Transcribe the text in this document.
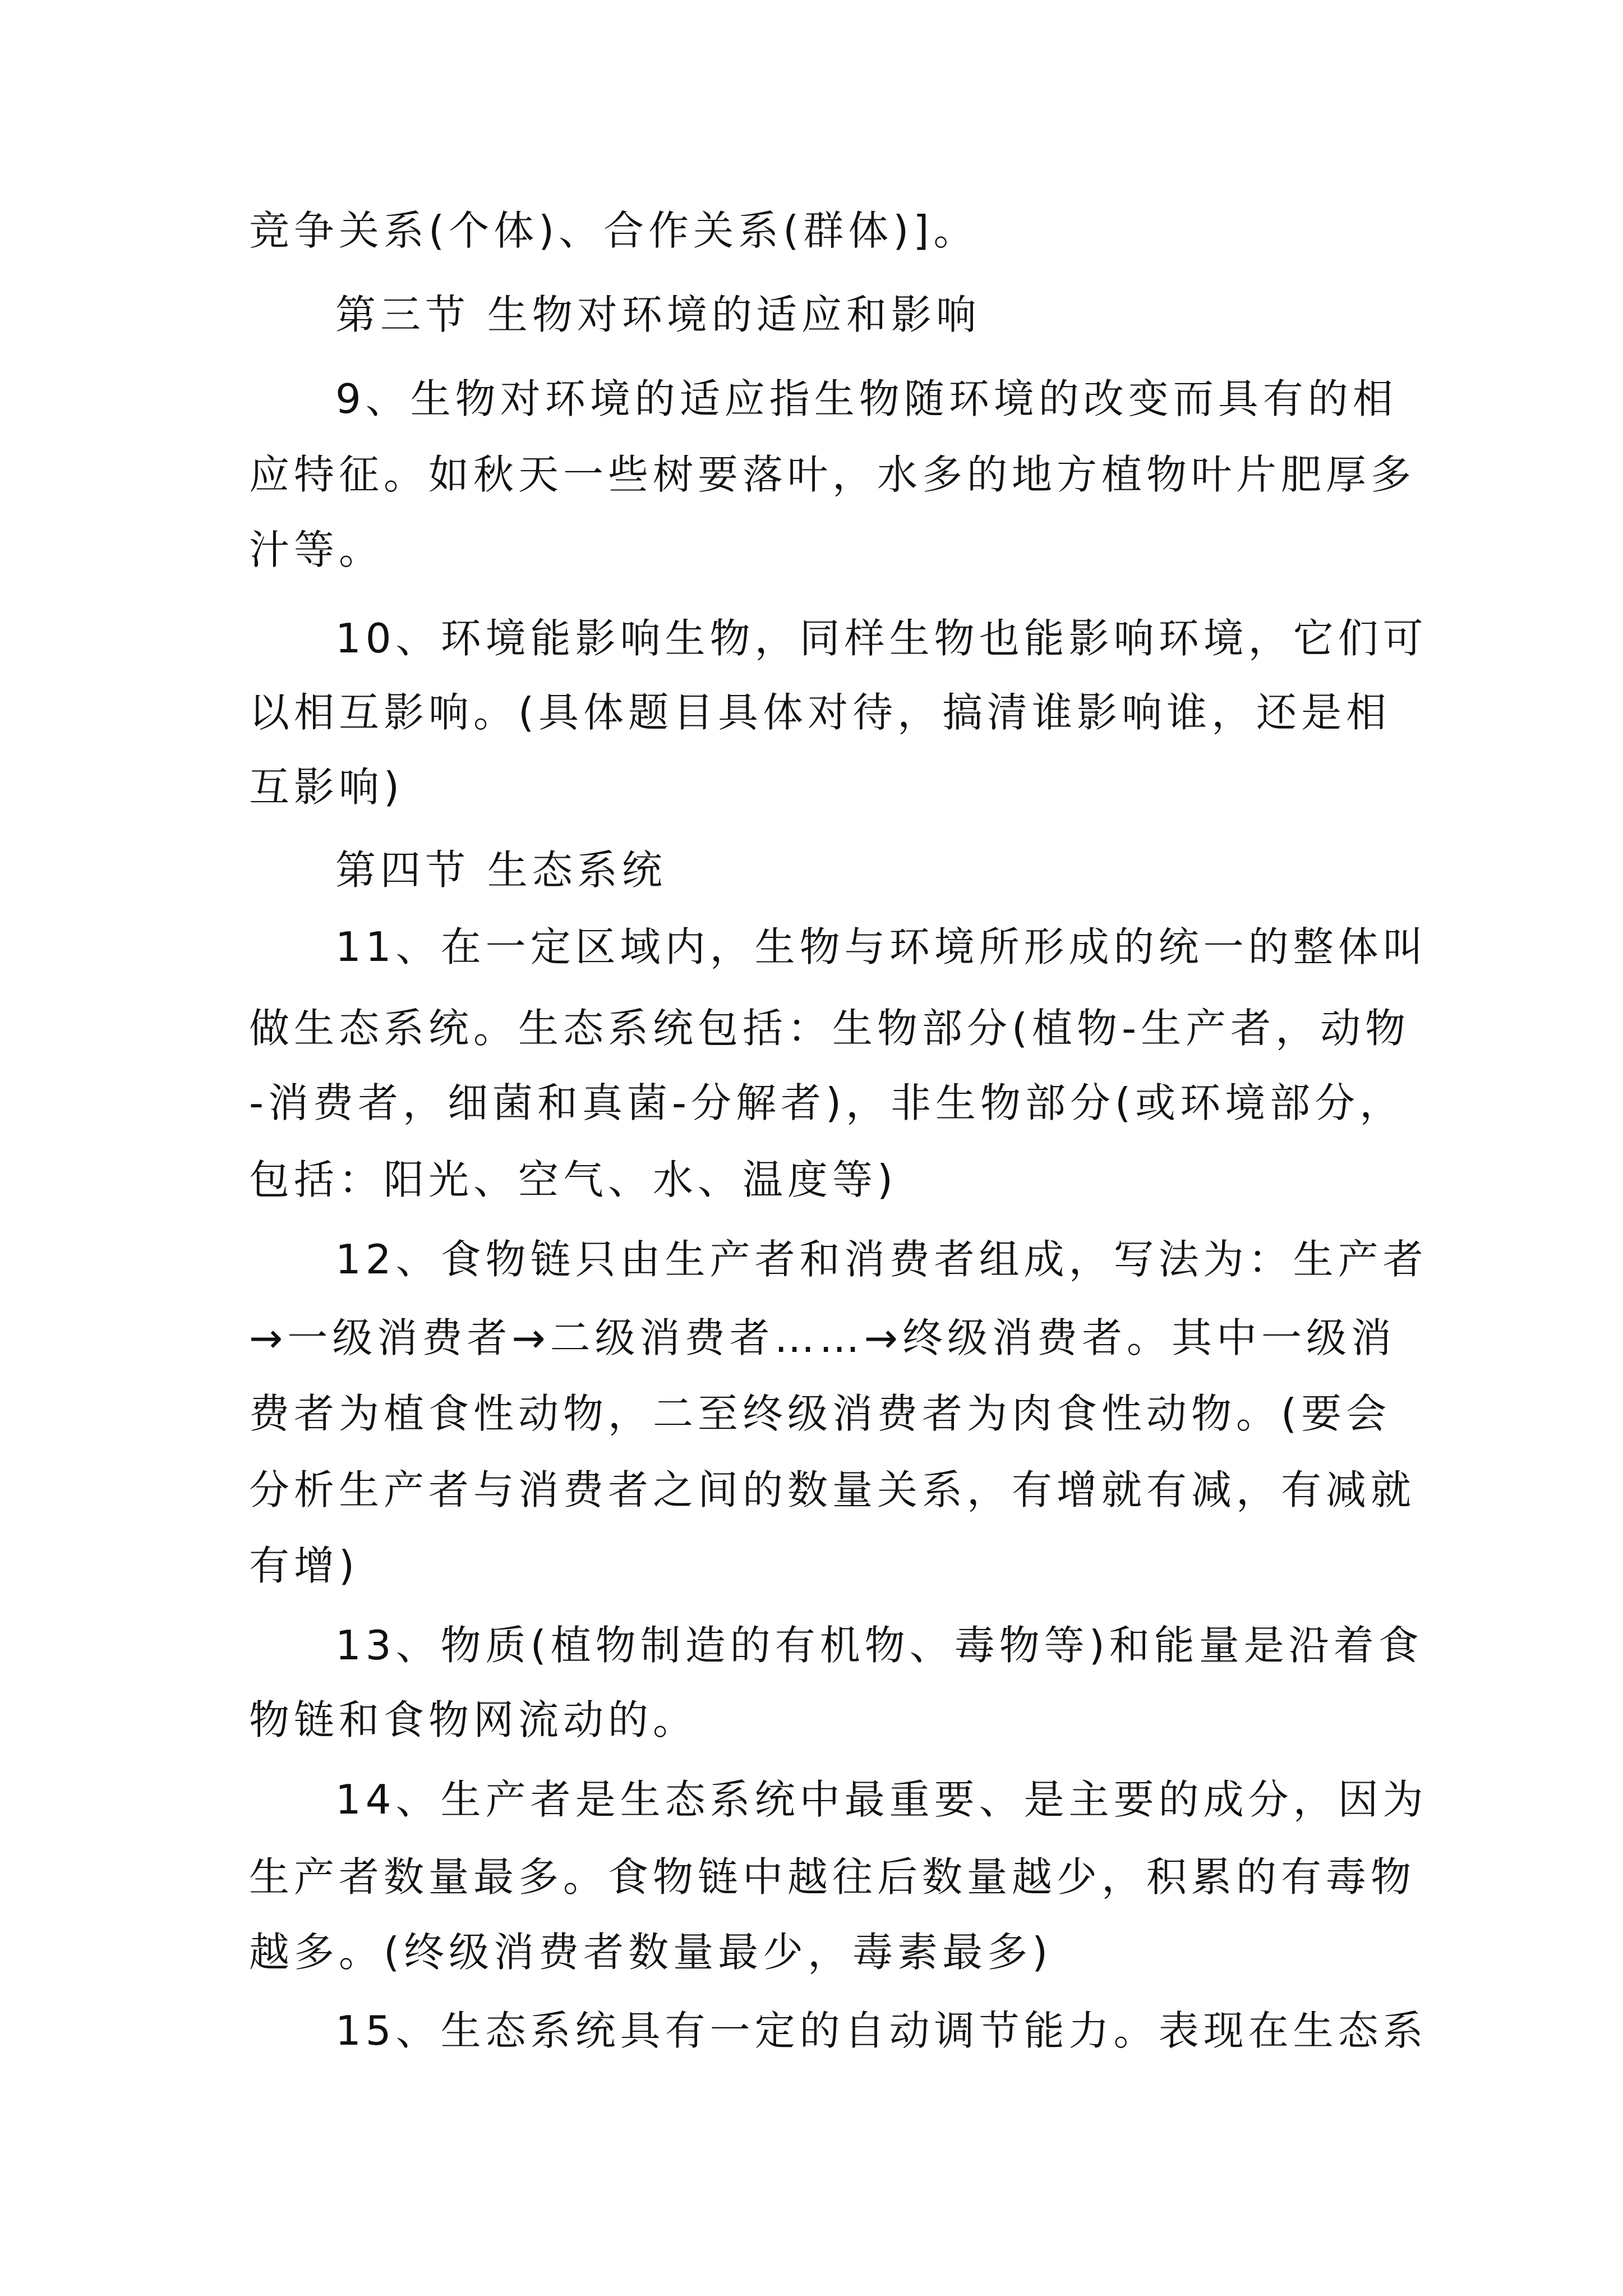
竞争关系(个体)、合作关系(群体)]。
第三节 生物对环境的适应和影响
9、生物对环境的适应指生物随环境的改变而具有的相
应特征。如秋天一些树要落叶，水多的地方植物叶片肥厚多
汁等。
10、环境能影响生物，同样生物也能影响环境，它们可
以相互影响。(具体题目具体对待，搞清谁影响谁，还是相
互影响)
第四节 生态系统
11、在一定区域内，生物与环境所形成的统一的整体叫
做生态系统。生态系统包括：生物部分(植物-生产者，动物
-消费者，细菌和真菌-分解者)，非生物部分(或环境部分，
包括：阳光、空气、水、温度等)
12、食物链只由生产者和消费者组成，写法为：生产者
→一级消费者→二级消费者……→终级消费者。其中一级消
费者为植食性动物，二至终级消费者为肉食性动物。(要会
分析生产者与消费者之间的数量关系，有增就有减，有减就
有增)
13、物质(植物制造的有机物、毒物等)和能量是沿着食
物链和食物网流动的。
14、生产者是生态系统中最重要、是主要的成分，因为
生产者数量最多。食物链中越往后数量越少，积累的有毒物
越多。(终级消费者数量最少，毒素最多)
15、生态系统具有一定的自动调节能力。表现在生态系
